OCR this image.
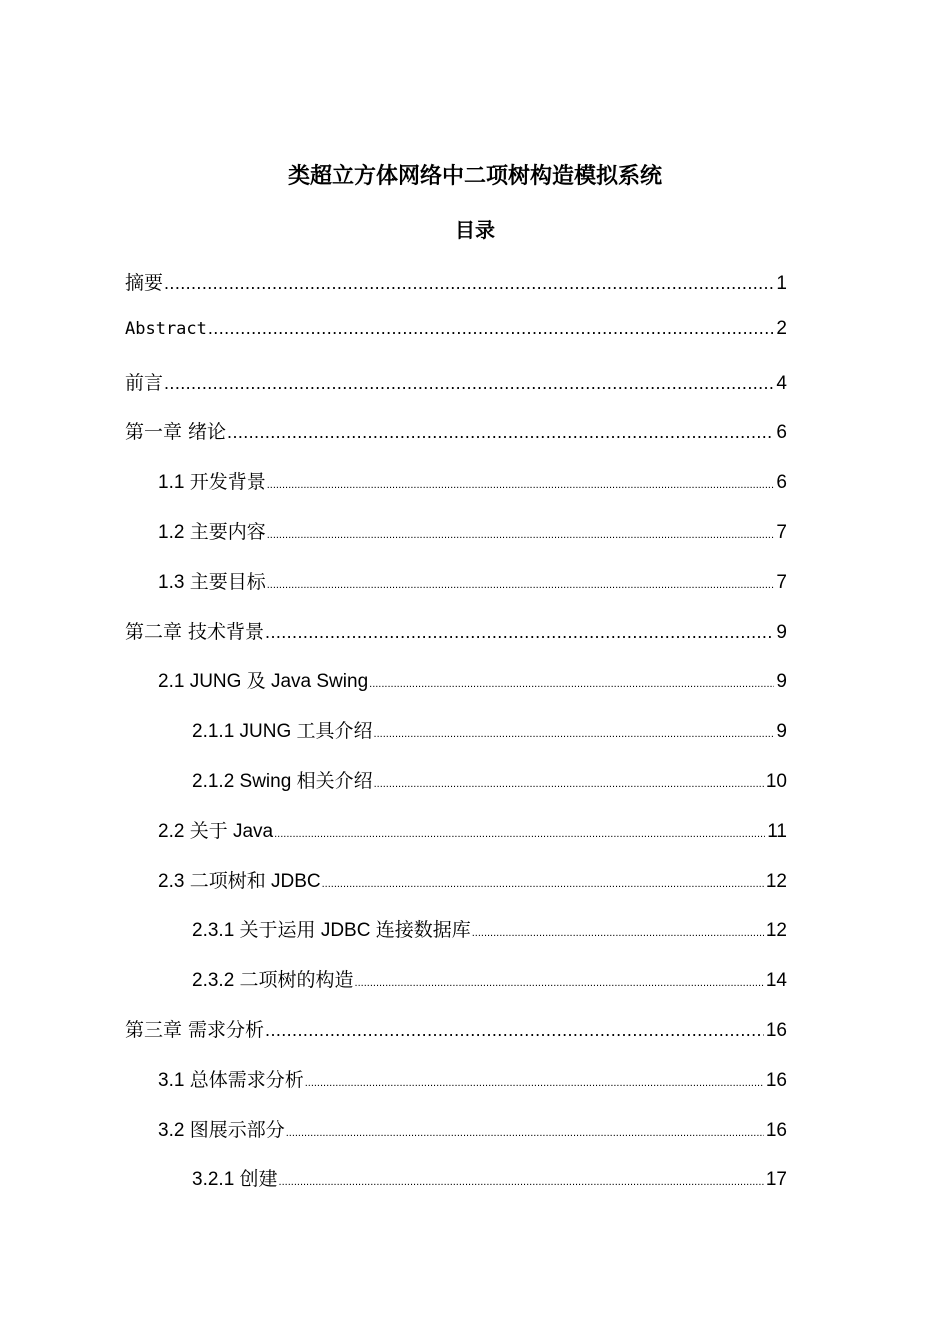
类超立方体网络中二项树构造模拟系统
目录
摘要 .....	1
Abstract .....	2
前言 .....	4
第一章 绪论 .....	6
1.1 开发背景 .....	6
1.2 主要内容 .....	7
1.3 主要目标 .....	7
第二章 技术背景 .....	9
2.1 JUNG 及 Java Swing .....	9
2.1.1 JUNG 工具介绍 .....	9
2.1.2 Swing 相关介绍 .....	10
2.2 关于 Java .....	11
2.3 二项树和 JDBC .....	12
2.3.1 关于运用 JDBC 连接数据库 .....	12
2.3.2 二项树的构造 .....	14
第三章 需求分析 .....	16
3.1 总体需求分析 .....	16
3.2 图展示部分 .....	16
3.2.1 创建 .....	17
